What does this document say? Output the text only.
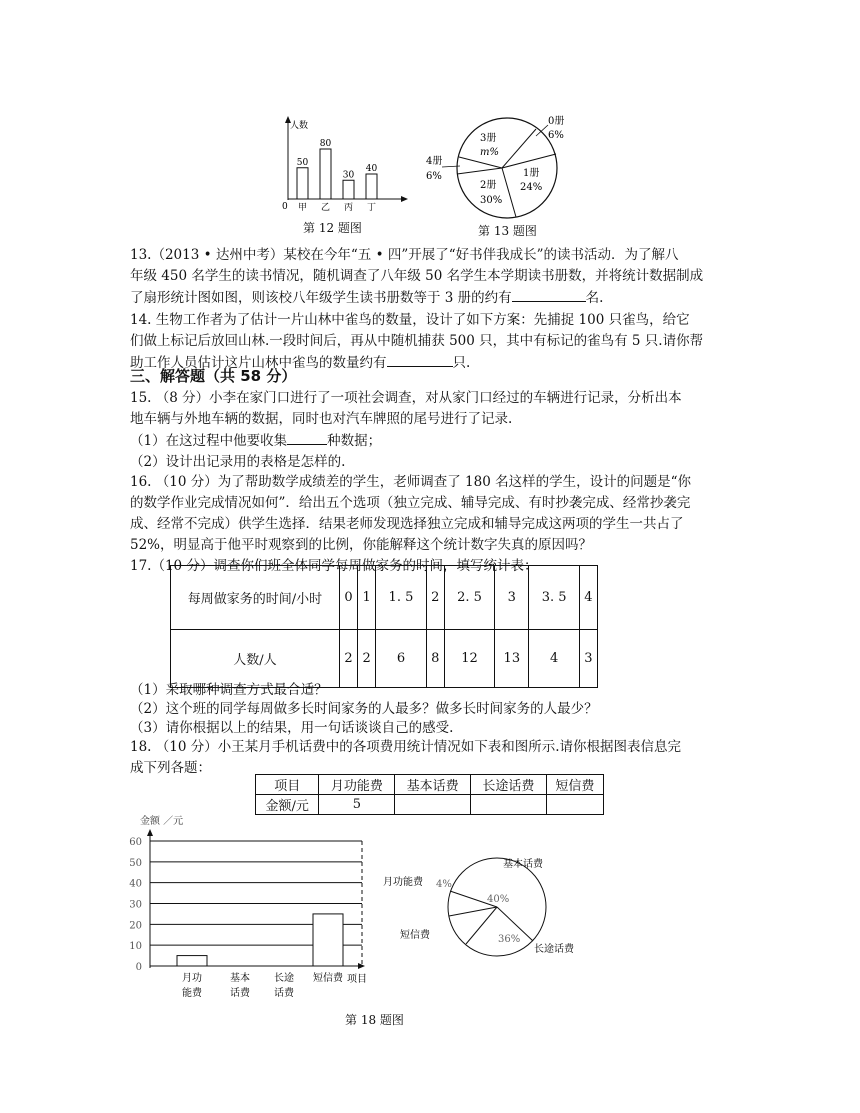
人数
0
50
甲
80
乙
30
丙
40
丁
第 12 题图
3册
m%
0册
6%
1册
24%
2册
30%
4册
6%
第 13 题图
13.（2013 • 达州中考）某校在今年“五 • 四”开展了“好书伴我成长”的读书活动．为了解八
年级 450 名学生的读书情况，随机调查了八年级 50 名学生本学期读书册数，并将统计数据制成
了扇形统计图如图，则该校八年级学生读书册数等于 3 册的约有	名.
14. 生物工作者为了估计一片山林中雀鸟的数量，设计了如下方案：先捕捉 100 只雀鸟，给它
们做上标记后放回山林.一段时间后，再从中随机捕获 500 只，其中有标记的雀鸟有 5 只.请你帮
助工作人员估计这片山林中雀鸟的数量约有	只.
三、解答题（共 58 分）
15. （8 分）小李在家门口进行了一项社会调查，对从家门口经过的车辆进行记录，分析出本
地车辆与外地车辆的数据，同时也对汽车牌照的尾号进行了记录.
（1）在这过程中他要收集	种数据；
（2）设计出记录用的表格是怎样的.
16. （10 分）为了帮助数学成绩差的学生，老师调查了 180 名这样的学生，设计的问题是“你
的数学作业完成情况如何”．给出五个选项（独立完成、辅导完成、有时抄袭完成、经常抄袭完
成、经常不完成）供学生选择．结果老师发现选择独立完成和辅导完成这两项的学生一共占了
52%，明显高于他平时观察到的比例，你能解释这个统计数字失真的原因吗？
17.（10 分）调查你们班全体同学每周做家务的时间，填写统计表：
每周做家务的时间/小时	0	1	1. 5	2	2. 5	3	3. 5	4
人数/人	2	2	6	8	12	13	4	3
（1）采取哪种调查方式最合适？
（2）这个班的同学每周做多长时间家务的人最多？做多长时间家务的人最少？
（3）请你根据以上的结果，用一句话谈谈自己的感受.
18. （10 分）小王某月手机话费中的各项费用统计情况如下表和图所示.请你根据图表信息完
成下列各题：
项目	月功能费	基本话费	长途话费	短信费
金额/元	5			
金额 ／元
60
50
40
30
20
10
0
月功
能费
基本
话费
长途
话费
短信费 项目
第 18 题图
基本话费
月功能费
短信费
长途话费
4%
40%
36%
